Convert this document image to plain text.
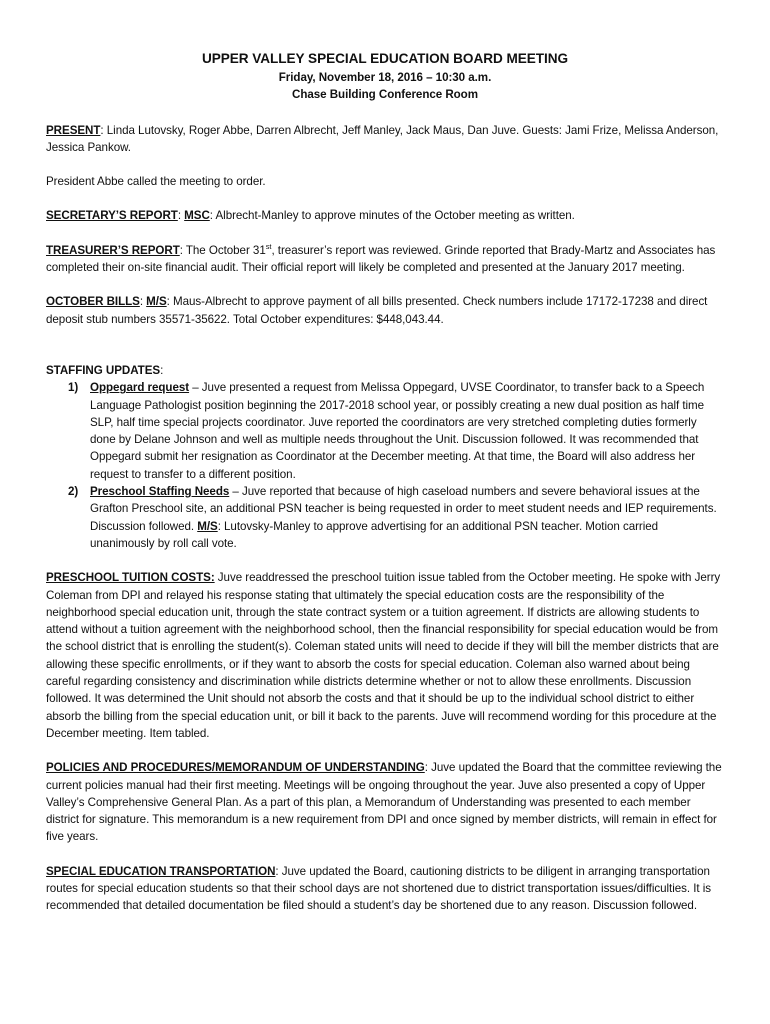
UPPER VALLEY SPECIAL EDUCATION BOARD MEETING

Friday, November 18, 2016 – 10:30 a.m.

Chase Building Conference Room

PRESENT: Linda Lutovsky, Roger Abbe, Darren Albrecht, Jeff Manley, Jack Maus, Dan Juve. Guests: Jami Frize, Melissa Anderson, Jessica Pankow.

President Abbe called the meeting to order.

SECRETARY’S REPORT: MSC: Albrecht-Manley to approve minutes of the October meeting as written.

TREASURER’S REPORT: The October 31st, treasurer’s report was reviewed. Grinde reported that Brady-Martz and Associates has completed their on-site financial audit. Their official report will likely be completed and presented at the January 2017 meeting.

OCTOBER BILLS: M/S: Maus-Albrecht to approve payment of all bills presented. Check numbers include 17172-17238 and direct deposit stub numbers 35571-35622. Total October expenditures: $448,043.44.

STAFFING UPDATES:

1) Oppegard request – Juve presented a request from Melissa Oppegard, UVSE Coordinator, to transfer back to a Speech Language Pathologist position beginning the 2017-2018 school year, or possibly creating a new dual position as half time SLP, half time special projects coordinator. Juve reported the coordinators are very stretched completing duties formerly done by Delane Johnson and well as multiple needs throughout the Unit. Discussion followed. It was recommended that Oppegard submit her resignation as Coordinator at the December meeting. At that time, the Board will also address her request to transfer to a different position.
2) Preschool Staffing Needs – Juve reported that because of high caseload numbers and severe behavioral issues at the Grafton Preschool site, an additional PSN teacher is being requested in order to meet student needs and IEP requirements. Discussion followed. M/S: Lutovsky-Manley to approve advertising for an additional PSN teacher. Motion carried unanimously by roll call vote.

PRESCHOOL TUITION COSTS: Juve readdressed the preschool tuition issue tabled from the October meeting. He spoke with Jerry Coleman from DPI and relayed his response stating that ultimately the special education costs are the responsibility of the neighborhood special education unit, through the state contract system or a tuition agreement. If districts are allowing students to attend without a tuition agreement with the neighborhood school, then the financial responsibility for special education would be from the school district that is enrolling the student(s). Coleman stated units will need to decide if they will bill the member districts that are allowing these specific enrollments, or if they want to absorb the costs for special education. Coleman also warned about being careful regarding consistency and discrimination while districts determine whether or not to allow these enrollments. Discussion followed. It was determined the Unit should not absorb the costs and that it should be up to the individual school district to either absorb the billing from the special education unit, or bill it back to the parents. Juve will recommend wording for this procedure at the December meeting. Item tabled.

POLICIES AND PROCEDURES/MEMORANDUM OF UNDERSTANDING: Juve updated the Board that the committee reviewing the current policies manual had their first meeting. Meetings will be ongoing throughout the year. Juve also presented a copy of Upper Valley’s Comprehensive General Plan. As a part of this plan, a Memorandum of Understanding was presented to each member district for signature. This memorandum is a new requirement from DPI and once signed by member districts, will remain in effect for five years.

SPECIAL EDUCATION TRANSPORTATION: Juve updated the Board, cautioning districts to be diligent in arranging transportation routes for special education students so that their school days are not shortened due to district transportation issues/difficulties. It is recommended that detailed documentation be filed should a student’s day be shortened due to any reason. Discussion followed.
